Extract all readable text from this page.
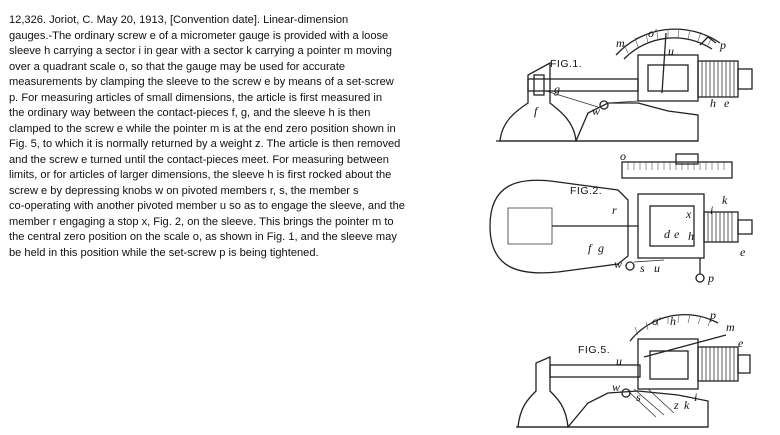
12,326. Joriot, C. May 20, 1913, [Convention date]. Linear-dimension

gauges.-The ordinary screw e of a micrometer gauge is provided with a loose

sleeve h carrying a sector i in gear with a sector k carrying a pointer m moving

over a quadrant scale o, so that the gauge may be used for accurate

measurements by clamping the sleeve to the screw e by means of a set-screw

p. For measuring articles of small dimensions, the article is first measured in

the ordinary way between the contact-pieces f, g, and the sleeve h is then

clamped to the screw e while the pointer m is at the end zero position shown in

Fig. 5, to which it is normally returned by a weight z. The article is then removed

and the screw e turned until the contact-pieces meet. For measuring between

limits, or for articles of larger dimensions, the sleeve h is first rocked about the

screw e by depressing knobs w on pivoted members r, s, the member s

co-operating with another pivoted member u so as to engage the sleeve, and the

member r engaging a stop x, Fig. 2, on the sleeve. This brings the pointer m to

the central zero position on the scale o, as shown in Fig. 1, and the sleeve may

be held in this position while the set-screw p is being tightened.

FIG.1.
m
o'
u	p
f
g
w
h e
FIG.2.
o
x
k
i
r
d e h
f g
w s u
p
e
FIG.5.
o' h	p
m
e
u
w
s
z k
i
